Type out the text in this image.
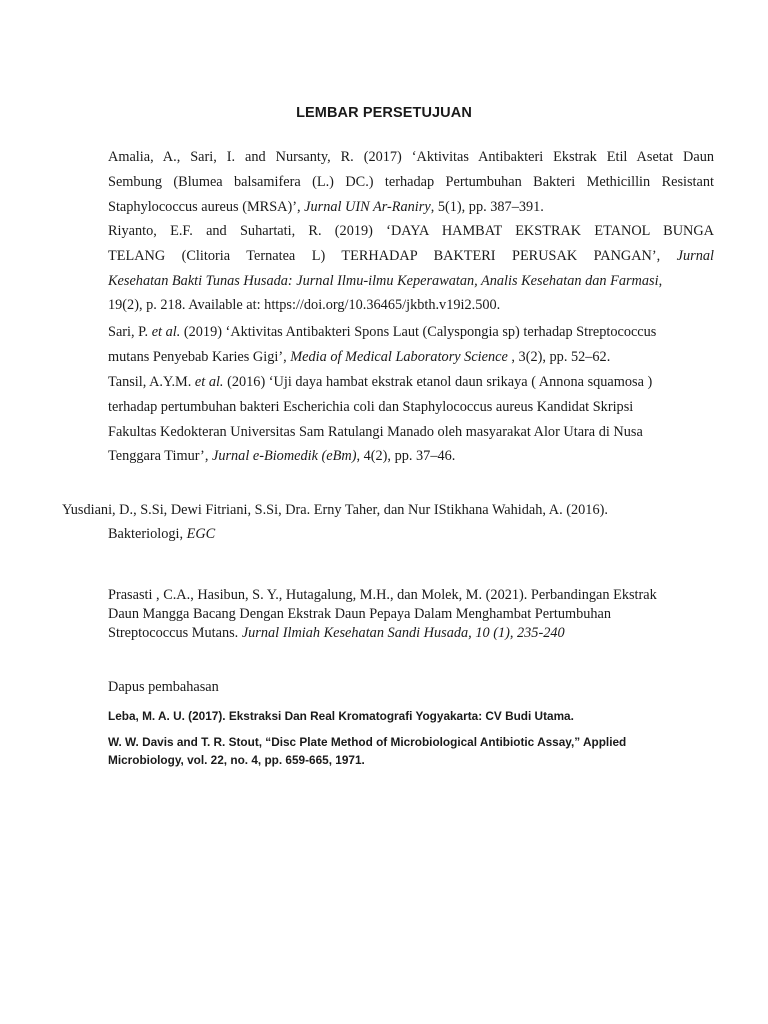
LEMBAR PERSETUJUAN
Amalia, A., Sari, I. and Nursanty, R. (2017) ‘Aktivitas Antibakteri Ekstrak Etil Asetat Daun
Sembung (Blumea balsamifera (L.) DC.) terhadap Pertumbuhan Bakteri Methicillin Resistant
Staphylococcus aureus (MRSA)’, Jurnal UIN Ar-Raniry, 5(1), pp. 387–391.
Riyanto, E.F. and Suhartati, R. (2019) ‘DAYA HAMBAT EKSTRAK ETANOL BUNGA
TELANG (Clitoria Ternatea L) TERHADAP BAKTERI PERUSAK PANGAN’, Jurnal
Kesehatan Bakti Tunas Husada: Jurnal Ilmu-ilmu Keperawatan, Analis Kesehatan dan Farmasi,
19(2), p. 218. Available at: https://doi.org/10.36465/jkbth.v19i2.500.
Sari, P. et al. (2019) ‘Aktivitas Antibakteri Spons Laut (Calyspongia sp) terhadap Streptococcus
mutans Penyebab Karies Gigi’, Media of Medical Laboratory Science , 3(2), pp. 52–62.
Tansil, A.Y.M. et al. (2016) ‘Uji daya hambat ekstrak etanol daun srikaya ( Annona squamosa )
terhadap pertumbuhan bakteri Escherichia coli dan Staphylococcus aureus Kandidat Skripsi
Fakultas Kedokteran Universitas Sam Ratulangi Manado oleh masyarakat Alor Utara di Nusa
Tenggara Timur’, Jurnal e-Biomedik (eBm), 4(2), pp. 37–46.
Yusdiani, D., S.Si, Dewi Fitriani, S.Si, Dra. Erny Taher, dan Nur IStikhana Wahidah, A. (2016).
Bakteriologi, EGC
Prasasti , C.A., Hasibun, S. Y., Hutagalung, M.H., dan Molek, M. (2021). Perbandingan Ekstrak
Daun Mangga Bacang Dengan Ekstrak Daun Pepaya Dalam Menghambat Pertumbuhan
Streptococcus Mutans. Jurnal Ilmiah Kesehatan Sandi Husada, 10 (1), 235-240
Dapus pembahasan
Leba, M. A. U. (2017). Ekstraksi Dan Real Kromatografi Yogyakarta: CV Budi Utama.
W. W. Davis and T. R. Stout, “Disc Plate Method of Microbiological Antibiotic Assay,” Applied
Microbiology, vol. 22, no. 4, pp. 659-665, 1971.
